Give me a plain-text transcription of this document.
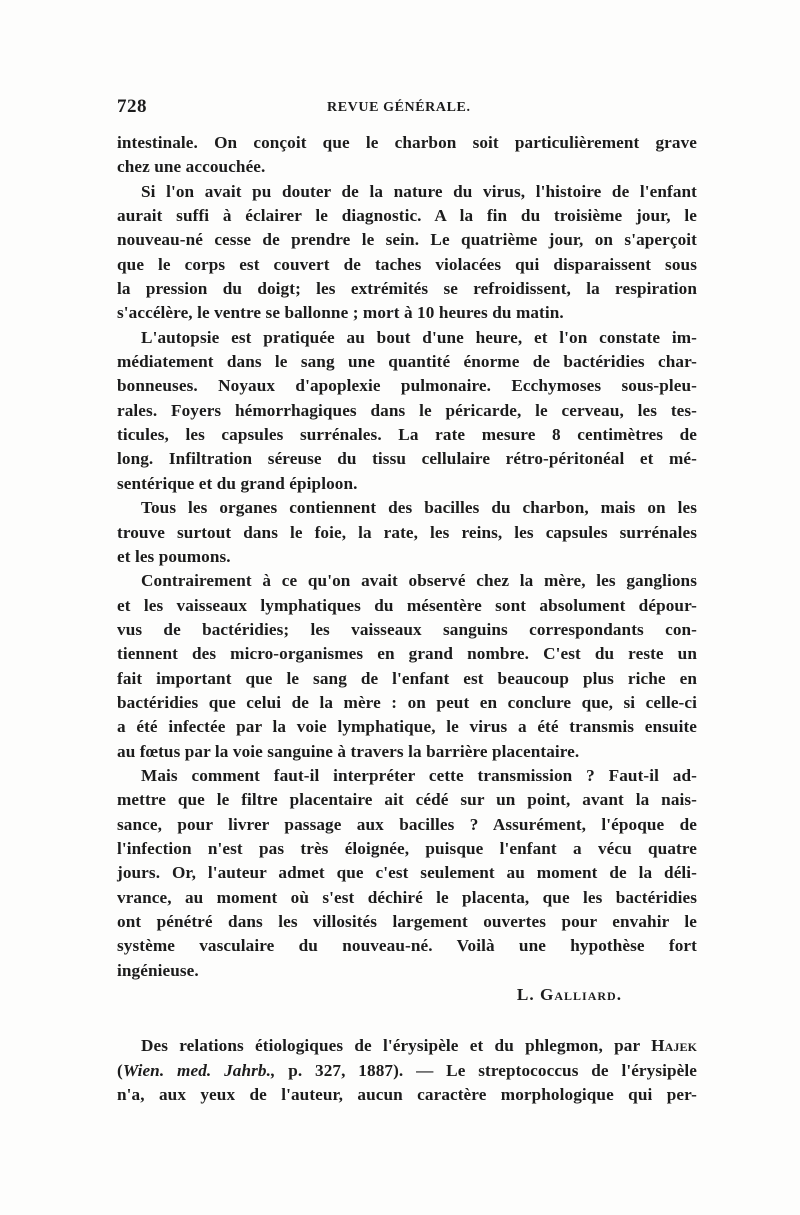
728	REVUE GÉNÉRALE.
intestinale. On conçoit que le charbon soit particulièrement grave
chez une accouchée.
Si l'on avait pu douter de la nature du virus, l'histoire de l'enfant
aurait suffi à éclairer le diagnostic. A la fin du troisième jour, le
nouveau-né cesse de prendre le sein. Le quatrième jour, on s'aperçoit
que le corps est couvert de taches violacées qui disparaissent sous
la pression du doigt; les extrémités se refroidissent, la respiration
s'accélère, le ventre se ballonne ; mort à 10 heures du matin.
L'autopsie est pratiquée au bout d'une heure, et l'on constate im-
médiatement dans le sang une quantité énorme de bactéridies char-
bonneuses. Noyaux d'apoplexie pulmonaire. Ecchymoses sous-pleu-
rales. Foyers hémorrhagiques dans le péricarde, le cerveau, les tes-
ticules, les capsules surrénales. La rate mesure 8 centimètres de
long. Infiltration séreuse du tissu cellulaire rétro-péritonéal et mé-
sentérique et du grand épiploon.
Tous les organes contiennent des bacilles du charbon, mais on les
trouve surtout dans le foie, la rate, les reins, les capsules surrénales
et les poumons.
Contrairement à ce qu'on avait observé chez la mère, les ganglions
et les vaisseaux lymphatiques du mésentère sont absolument dépour-
vus de bactéridies; les vaisseaux sanguins correspondants con-
tiennent des micro-organismes en grand nombre. C'est du reste un
fait important que le sang de l'enfant est beaucoup plus riche en
bactéridies que celui de la mère : on peut en conclure que, si celle-ci
a été infectée par la voie lymphatique, le virus a été transmis ensuite
au fœtus par la voie sanguine à travers la barrière placentaire.
Mais comment faut-il interpréter cette transmission ? Faut-il ad-
mettre que le filtre placentaire ait cédé sur un point, avant la nais-
sance, pour livrer passage aux bacilles ? Assurément, l'époque de
l'infection n'est pas très éloignée, puisque l'enfant a vécu quatre
jours. Or, l'auteur admet que c'est seulement au moment de la déli-
vrance, au moment où s'est déchiré le placenta, que les bactéridies
ont pénétré dans les villosités largement ouvertes pour envahir le
système vasculaire du nouveau-né. Voilà une hypothèse fort
ingénieuse.
L. Galliard.
Des relations étiologiques de l'érysipèle et du phlegmon, par Hajek
(Wien. med. Jahrb., p. 327, 1887). — Le streptococcus de l'érysipèle
n'a, aux yeux de l'auteur, aucun caractère morphologique qui per-
